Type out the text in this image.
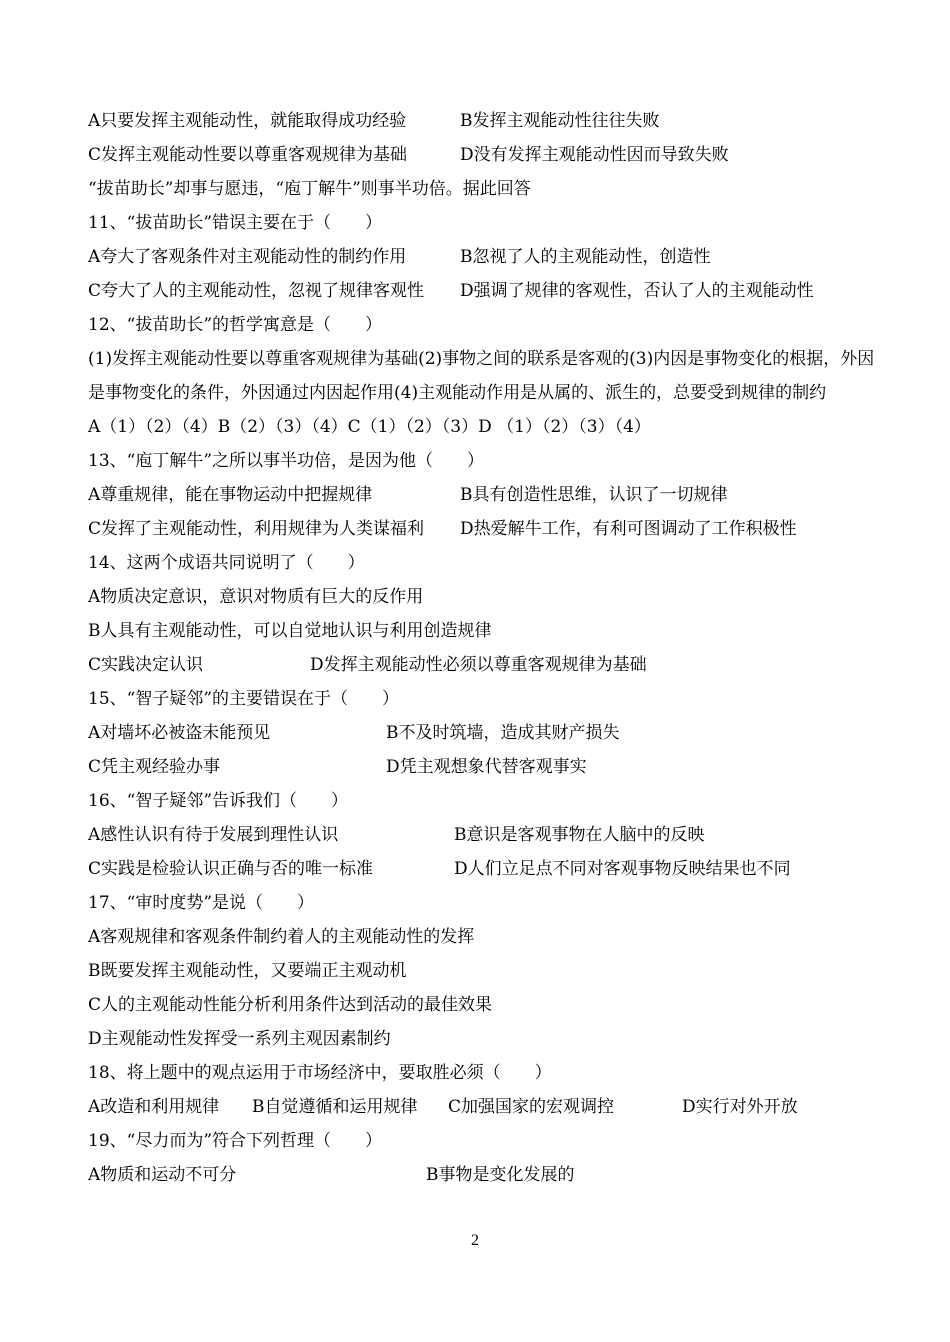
A只要发挥主观能动性，就能取得成功经验	B发挥主观能动性往往失败
C发挥主观能动性要以尊重客观规律为基础	D没有发挥主观能动性因而导致失败
“拔苗助长”却事与愿违，“庖丁解牛”则事半功倍。据此回答
11、“拔苗助长”错误主要在于（　　）
A夸大了客观条件对主观能动性的制约作用	B忽视了人的主观能动性，创造性
C夸大了人的主观能动性，忽视了规律客观性 D强调了规律的客观性，否认了人的主观能动性
12、“拔苗助长”的哲学寓意是（　　）
(1)发挥主观能动性要以尊重客观规律为基础(2)事物之间的联系是客观的(3)内因是事物变化的根据，外因是事物变化的条件，外因通过内因起作用(4)主观能动作用是从属的、派生的，总要受到规律的制约
A（1）（2）（4）B（2）（3）（4）C（1）（2）（3）D （1）（2）（3）（4）
13、“庖丁解牛”之所以事半功倍，是因为他（　　）
A尊重规律，能在事物运动中把握规律	B具有创造性思维，认识了一切规律
C发挥了主观能动性，利用规律为人类谋福利 D热爱解牛工作，有利可图调动了工作积极性
14、这两个成语共同说明了（　　）
A物质决定意识，意识对物质有巨大的反作用
B人具有主观能动性，可以自觉地认识与利用创造规律
C实践决定认识	D发挥主观能动性必须以尊重客观规律为基础
15、“智子疑邻”的主要错误在于（　　）
A对墙坏必被盗未能预见	B不及时筑墙，造成其财产损失
C凭主观经验办事	D凭主观想象代替客观事实
16、“智子疑邻”告诉我们（　　）
A感性认识有待于发展到理性认识	B意识是客观事物在人脑中的反映
C实践是检验认识正确与否的唯一标准	D人们立足点不同对客观事物反映结果也不同
17、“审时度势”是说（　　）
A客观规律和客观条件制约着人的主观能动性的发挥
B既要发挥主观能动性，又要端正主观动机
C人的主观能动性能分析利用条件达到活动的最佳效果
D主观能动性发挥受一系列主观因素制约
18、将上题中的观点运用于市场经济中，要取胜必须（　　）
A改造和利用规律 B自觉遵循和运用规律 C加强国家的宏观调控	D实行对外开放
19、“尽力而为”符合下列哲理（　　）
A物质和运动不可分	B事物是变化发展的
2
